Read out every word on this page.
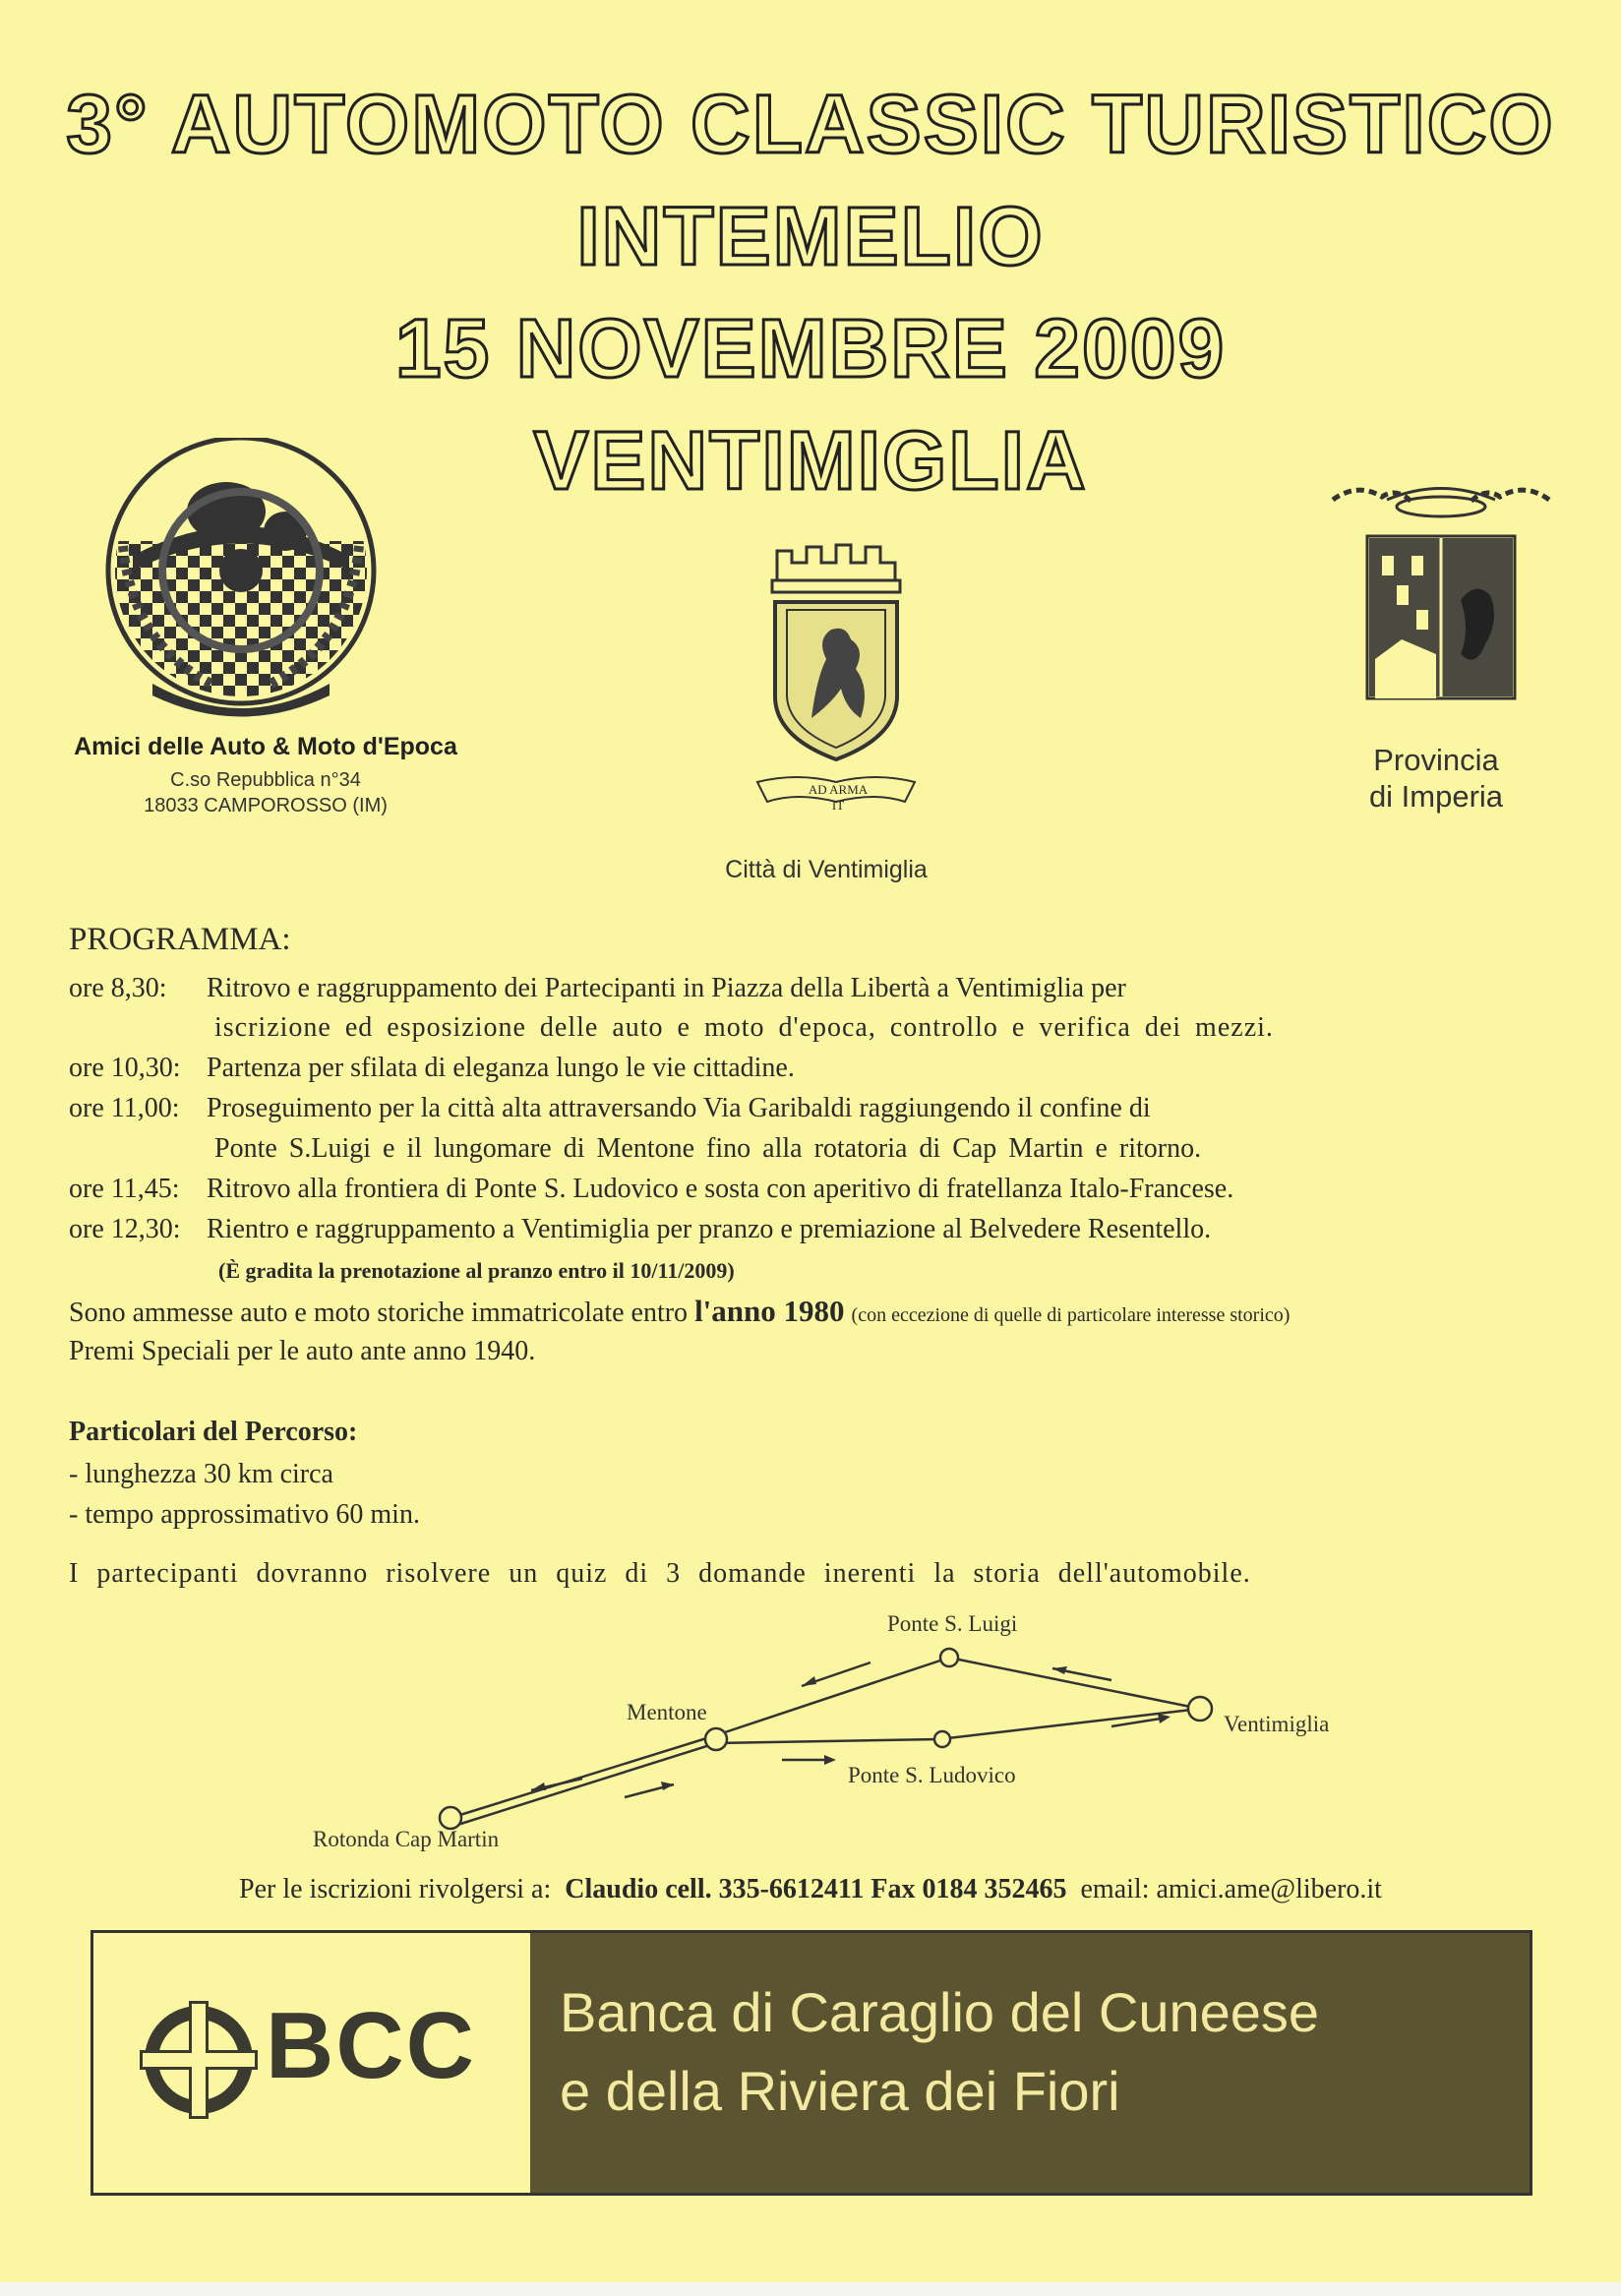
3° AUTOMOTO CLASSIC TURISTICO
INTEMELIO
15 NOVEMBRE 2009
VENTIMIGLIA
Amici delle Auto & Moto d'Epoca
C.so Repubblica n°34
18033 CAMPOROSSO (IM)
AD ARMA IT
Città di Ventimiglia
Provincia
di Imperia
PROGRAMMA:
ore 8,30: Ritrovo e raggruppamento dei Partecipanti in Piazza della Libertà a Ventimiglia per
iscrizione ed esposizione delle auto e moto d'epoca, controllo e verifica dei mezzi.
ore 10,30: Partenza per sfilata di eleganza lungo le vie cittadine.
ore 11,00: Proseguimento per la città alta attraversando Via Garibaldi raggiungendo il confine di
Ponte S.Luigi e il lungomare di Mentone fino alla rotatoria di Cap Martin e ritorno.
ore 11,45: Ritrovo alla frontiera di Ponte S. Ludovico e sosta con aperitivo di fratellanza Italo-Francese.
ore 12,30: Rientro e raggruppamento a Ventimiglia per pranzo e premiazione al Belvedere Resentello.
(È gradita la prenotazione al pranzo entro il 10/11/2009)
Sono ammesse auto e moto storiche immatricolate entro l'anno 1980 (con eccezione di quelle di particolare interesse storico)
Premi Speciali per le auto ante anno 1940.
Particolari del Percorso:
- lunghezza 30 km circa
- tempo approssimativo 60 min.
I partecipanti dovranno risolvere un quiz di 3 domande inerenti la storia dell'automobile.
Ponte S. Luigi
Mentone	Ventimiglia
Ponte S. Ludovico
Rotonda Cap Martin
Per le iscrizioni rivolgersi a: Claudio cell. 335-6612411 Fax 0184 352465 email: amici.ame@libero.it
BCC Banca di Caraglio del Cuneese
e della Riviera dei Fiori
